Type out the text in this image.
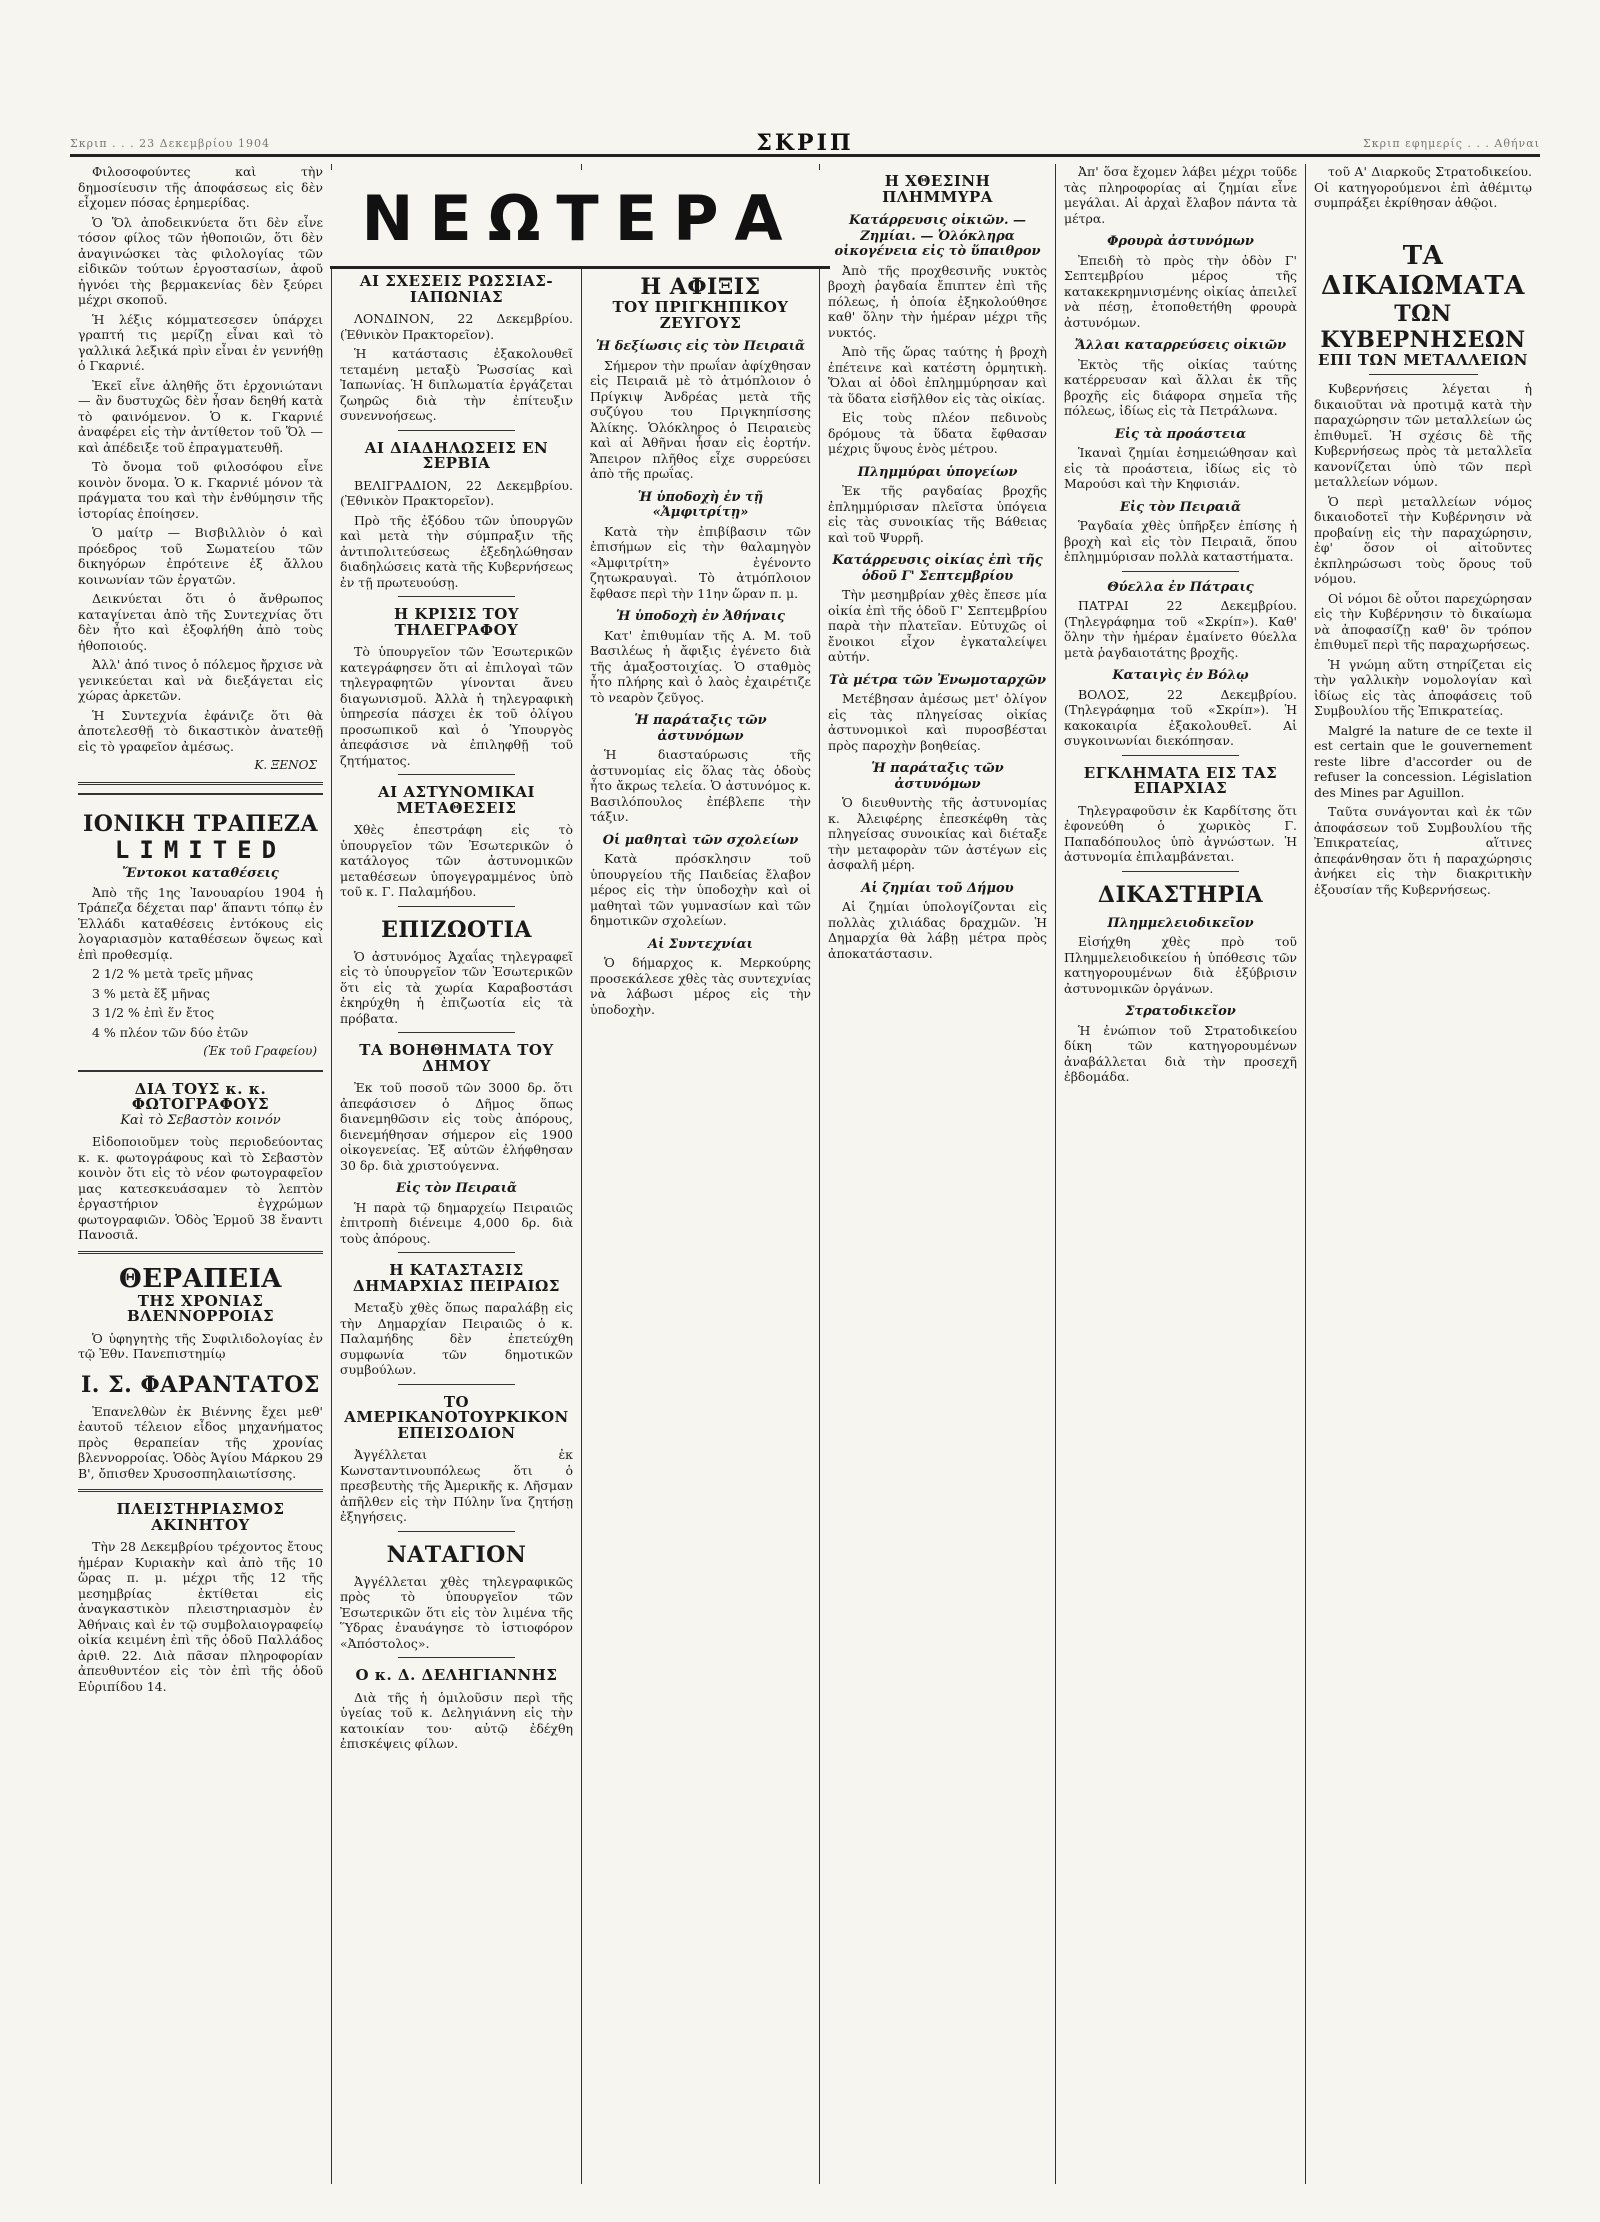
Σκριπ . . . 23 Δεκεμβρίου 1904	ΣΚΡΙΠ	Σκριπ εφημερίς . . . Αθήναι

Φιλοσοφούντες καὶ τὴν δημοσίευσιν τῆς ἀποφάσεως εἰς δὲν εἶχομεν πόσας ἐρημερίδας.

Ὁ Ὅλ ἀποδεικνύετα ὅτι δὲν εἶνε τόσον φίλος τῶν ἠθοποιῶν, ὅτι δὲν ἀναγινώσκει τὰς φιλολογίας τῶν εἰδικῶν τούτων ἐργοστασίων, ἀφοῦ ἠγνόει τὴς βερμακενίας δὲν ξεύρει μέχρι σκοποῦ.

Ἡ λέξις κόμματεσεσεν ὑπάρχει γραπτή τις μερίζῃ εἶναι καὶ τὸ γαλλικά λεξικά πρὶν εἶναι ἐν γεννήθῃ ὁ Γκαρνιέ.

Ἐκεῖ εἶνε ἀληθῆς ὅτι ἐρχονιώτανι — ἂν δυστυχῶς δὲν ἦσαν δεηθή κατὰ τὸ φαινόμενον. Ὁ κ. Γκαρνιέ ἀναφέρει εἰς τὴν ἀντίθετον τοῦ Ὅλ — καὶ ἀπέδειξε τοῦ ἐπραγματευθῆ.

Τὸ ὄνομα τοῦ φιλοσόφου εἶνε κοινὸν ὅνομα. Ὁ κ. Γκαρνιέ μόνον τὰ πράγματα του καὶ τὴν ἐνθύμησιν τῆς ἱστορίας ἐποίησεν.

Ὁ μαίτρ — Βισβιλλιὸν ὁ καὶ πρόεδρος τοῦ Σωματείου τῶν δικηγόρων ἐπρότεινε ἐξ ἄλλου κοινωνίαν τῶν ἐργατῶν.

Δεικνύεται ὅτι ὁ ἄνθρωπος καταγίνεται ἀπὸ τῆς Συντεχνίας ὅτι δὲν ἦτο καὶ ἐξοφλήθη ἀπὸ τοὺς ἠθοποιούς.

Ἀλλ' ἀπό τινος ὁ πόλεμος ἤρχισε νὰ γενικεύεται καὶ νὰ διεξάγεται εἰς χώρας ἀρκετῶν.

Ἡ Συντεχνία ἐφάνιζε ὅτι θὰ ἀποτελεσθῇ τὸ δικαστικὸν ἀνατεθῇ εἰς τὸ γραφεῖον ἀμέσως.

Κ. ΞΕΝΟΣ
ΙΟΝΙΚΗ ΤΡΑΠΕΖΑ
LIMITED
Ἔντοκοι καταθέσεις

Ἀπὸ τῆς 1ης Ἰανουαρίου 1904 ἡ Τράπεζα δέχεται παρ' ἅπαντι τόπῳ ἐν Ἑλλάδι καταθέσεις ἐντόκους εἰς λογαριασμὸν καταθέσεων ὅψεως καὶ ἐπὶ προθεσμίᾳ.

2 1/2 % μετὰ τρεῖς μῆνας

3 % μετὰ ἕξ μῆνας

3 1/2 % ἐπὶ ἕν ἔτος

4 % πλέον τῶν δύο ἐτῶν

(Ἐκ τοῦ Γραφείου)
ΔΙΑ ΤΟΥΣ κ. κ. ΦΩΤΟΓΡΑΦΟΥΣ
Καὶ τὸ Σεβαστὸν κοινόν

Εἰδοποιοῦμεν τοὺς περιοδεύοντας κ. κ. φωτογράφους καὶ τὸ Σεβαστὸν κοινὸν ὅτι εἰς τὸ νέον φωτογραφεῖον μας κατεσκευάσαμεν τὸ λεπτὸν ἐργαστήριον ἐγχρώμων φωτογραφιῶν. Ὁδὸς Ἑρμοῦ 38 ἔναντι Πανοσιᾶ.

ΘΕΡΑΠΕΙΑ
ΤΗΣ ΧΡΟΝΙΑΣ ΒΛΕΝΝΟΡΡΟΙΑΣ

Ὁ ὑφηγητὴς τῆς Συφιλιδολογίας ἐν τῷ Ἐθν. Πανεπιστημίῳ

Ι. Σ. ΦΑΡΑΝΤΑΤΟΣ

Ἐπανελθὼν ἐκ Βιέννης ἔχει μεθ' ἑαυτοῦ τέλειον εἶδος μηχανήματος πρὸς θεραπείαν τῆς χρονίας βλεννορροίας. Ὁδὸς Ἁγίου Μάρκου 29 Β', ὄπισθεν Χρυσοσπηλαιωτίσσης.

ΠΛΕΙΣΤΗΡΙΑΣΜΟΣ ΑΚΙΝΗΤΟΥ

Τὴν 28 Δεκεμβρίου τρέχοντος ἔτους ἡμέραν Κυριακὴν καὶ ἀπὸ τῆς 10 ὥρας π. μ. μέχρι τῆς 12 τῆς μεσημβρίας ἐκτίθεται εἰς ἀναγκαστικὸν πλειστηριασμὸν ἐν Ἀθήναις καὶ ἐν τῷ συμβολαιογραφείῳ οἰκία κειμένη ἐπὶ τῆς ὁδοῦ Παλλάδος ἀριθ. 22. Διὰ πᾶσαν πληροφορίαν ἀπευθυντέον εἰς τὸν ἐπὶ τῆς ὁδοῦ Εὐριπίδου 14.

ΑΙ ΣΧΕΣΕΙΣ ΡΩΣΣΙΑΣ-ΙΑΠΩΝΙΑΣ

ΛΟΝΔΙΝΟΝ, 22 Δεκεμβρίου. (Ἐθνικὸν Πρακτορεῖον).

Ἡ κατάστασις ἐξακολουθεῖ τεταμένη μεταξὺ Ῥωσσίας καὶ Ἰαπωνίας. Ἡ διπλωματία ἐργάζεται ζωηρῶς διὰ τὴν ἐπίτευξιν συνεννοήσεως.

ΑΙ ΔΙΑΔΗΛΩΣΕΙΣ ΕΝ ΣΕΡΒΙΑ

ΒΕΛΙΓΡΑΔΙΟΝ, 22 Δεκεμβρίου. (Ἐθνικὸν Πρακτορεῖον).

Πρὸ τῆς ἐξόδου τῶν ὑπουργῶν καὶ μετὰ τὴν σύμπραξιν τῆς ἀντιπολιτεύσεως ἐξεδηλώθησαν διαδηλώσεις κατὰ τῆς Κυβερνήσεως ἐν τῇ πρωτευούσῃ.

Η ΚΡΙΣΙΣ ΤΟΥ ΤΗΛΕΓΡΑΦΟΥ

Τὸ ὑπουργεῖον τῶν Ἐσωτερικῶν κατεγράφησεν ὅτι αἱ ἐπιλογαὶ τῶν τηλεγραφητῶν γίνονται ἄνευ διαγωνισμοῦ. Ἀλλὰ ἡ τηλεγραφικὴ ὑπηρεσία πάσχει ἐκ τοῦ ὀλίγου προσωπικοῦ καὶ ὁ Ὑπουργὸς ἀπεφάσισε νὰ ἐπιληφθῇ τοῦ ζητήματος.

ΑΙ ΑΣΤΥΝΟΜΙΚΑΙ ΜΕΤΑΘΕΣΕΙΣ

Χθὲς ἐπεστράφη εἰς τὸ ὑπουργεῖον τῶν Ἐσωτερικῶν ὁ κατάλογος τῶν ἀστυνομικῶν μεταθέσεων ὑπογεγραμμένος ὑπὸ τοῦ κ. Γ. Παλαμήδου.

ΕΠΙΖΩΟΤΙΑ

Ὁ ἀστυνόμος Ἀχαΐας τηλεγραφεῖ εἰς τὸ ὑπουργεῖον τῶν Ἐσωτερικῶν ὅτι εἰς τὰ χωρία Καραβοστάσι ἐκηρύχθη ἡ ἐπιζωοτία εἰς τὰ πρόβατα.

ΤΑ ΒΟΗΘΗΜΑΤΑ ΤΟΥ ΔΗΜΟΥ

Ἐκ τοῦ ποσοῦ τῶν 3000 δρ. ὅτι ἀπεφάσισεν ὁ Δῆμος ὅπως διανεμηθῶσιν εἰς τοὺς ἀπόρους, διενεμήθησαν σήμερον εἰς 1900 οἰκογενείας. Ἐξ αὐτῶν ἐλήφθησαν 30 δρ. διὰ χριστούγεννα.

Εἰς τὸν Πειραιᾶ

Ἡ παρὰ τῷ δημαρχείῳ Πειραιῶς ἐπιτροπὴ διένειμε 4,000 δρ. διὰ τοὺς ἀπόρους.

Η ΚΑΤΑΣΤΑΣΙΣ ΔΗΜΑΡΧΙΑΣ ΠΕΙΡΑΙΩΣ

Μεταξὺ χθὲς ὅπως παραλάβῃ εἰς τὴν Δημαρχίαν Πειραιῶς ὁ κ. Παλαμήδης δὲν ἐπετεύχθη συμφωνία τῶν δημοτικῶν συμβούλων.

ΤΟ ΑΜΕΡΙΚΑΝΟΤΟΥΡΚΙΚΟΝ ΕΠΕΙΣΟΔΙΟΝ

Ἀγγέλλεται ἐκ Κωνσταντινουπόλεως ὅτι ὁ πρεσβευτὴς τῆς Ἀμερικῆς κ. Λῆσμαν ἀπῆλθεν εἰς τὴν Πύλην ἵνα ζητήσῃ ἐξηγήσεις.

ΝΑΤΑΓΙΟΝ

Ἀγγέλλεται χθὲς τηλεγραφικῶς πρὸς τὸ ὑπουργεῖον τῶν Ἐσωτερικῶν ὅτι εἰς τὸν λιμένα τῆς Ὕδρας ἐναυάγησε τὸ ἱστιοφόρον «Ἀπόστολος».

Ο κ. Δ. ΔΕΛΗΓΙΑΝΝΗΣ

Διὰ τῆς ἡ ὁμιλοῦσιν περὶ τῆς ὑγείας τοῦ κ. Δεληγιάννη εἰς τὴν κατοικίαν του· αὐτῷ ἐδέχθη ἐπισκέψεις φίλων.

Η ΑΦΙΞΙΣ
ΤΟΥ ΠΡΙΓΚΗΠΙΚΟΥ ΖΕΥΓΟΥΣ
Ἡ δεξίωσις εἰς τὸν Πειραιᾶ

Σήμερον τὴν πρωΐαν ἀφίχθησαν εἰς Πειραιᾶ μὲ τὸ ἀτμόπλοιον ὁ Πρίγκιψ Ἀνδρέας μετὰ τῆς συζύγου του Πριγκηπίσσης Ἀλίκης. Ὁλόκληρος ὁ Πειραιεὺς καὶ αἱ Ἀθῆναι ἦσαν εἰς ἑορτήν. Ἄπειρον πλῆθος εἶχε συρρεύσει ἀπὸ τῆς πρωΐας.

Ἡ ὑποδοχὴ ἐν τῇ «Ἀμφιτρίτῃ»

Κατὰ τὴν ἐπιβίβασιν τῶν ἐπισήμων εἰς τὴν θαλαμηγὸν «Ἀμφιτρίτη» ἐγένοντο ζητωκραυγαὶ. Τὸ ἀτμόπλοιον ἔφθασε περὶ τὴν 11ην ὥραν π. μ.

Ἡ ὑποδοχὴ ἐν Ἀθήναις

Κατ' ἐπιθυμίαν τῆς Α. Μ. τοῦ Βασιλέως ἡ ἄφιξις ἐγένετο διὰ τῆς ἁμαξοστοιχίας. Ὁ σταθμὸς ἦτο πλήρης καὶ ὁ λαὸς ἐχαιρέτιζε τὸ νεαρὸν ζεῦγος.

Ἡ παράταξις τῶν ἀστυνόμων

Ἡ διασταύρωσις τῆς ἀστυνομίας εἰς ὅλας τὰς ὁδοὺς ἦτο ἄκρως τελεία. Ὁ ἀστυνόμος κ. Βασιλόπουλος ἐπέβλεπε τὴν τάξιν.

Οἱ μαθηταὶ τῶν σχολείων

Κατὰ πρόσκλησιν τοῦ ὑπουργείου τῆς Παιδείας ἔλαβον μέρος εἰς τὴν ὑποδοχὴν καὶ οἱ μαθηταὶ τῶν γυμνασίων καὶ τῶν δημοτικῶν σχολείων.

Αἱ Συντεχνίαι

Ὁ δήμαρχος κ. Μερκούρης προσεκάλεσε χθὲς τὰς συντεχνίας νὰ λάβωσι μέρος εἰς τὴν ὑποδοχὴν.

Η ΧΘΕΣΙΝΗ ΠΛΗΜΜΥΡΑ
Κατάρρευσις οἰκιῶν. — Ζημίαι. — Ὁλόκληρα οἰκογένεια εἰς τὸ ὕπαιθρον

Ἀπὸ τῆς προχθεσινῆς νυκτὸς βροχὴ ῥαγδαία ἔπιπτεν ἐπὶ τῆς πόλεως, ἡ ὁποία ἐξηκολούθησε καθ' ὅλην τὴν ἡμέραν μέχρι τῆς νυκτός.

Ἀπὸ τῆς ὥρας ταύτης ἡ βροχὴ ἐπέτεινε καὶ κατέστη ὁρμητικὴ. Ὅλαι αἱ ὁδοὶ ἐπλημμύρησαν καὶ τὰ ὕδατα εἰσῆλθον εἰς τὰς οἰκίας.

Εἰς τοὺς πλέον πεδινοὺς δρόμους τὰ ὕδατα ἔφθασαν μέχρις ὕψους ἑνὸς μέτρου.

Πλημμύραι ὑπογείων

Ἐκ τῆς ραγδαίας βροχῆς ἐπλημμύρισαν πλεῖστα ὑπόγεια εἰς τὰς συνοικίας τῆς Βάθειας καὶ τοῦ Ψυρρῆ.

Κατάρρευσις οἰκίας ἐπὶ τῆς ὁδοῦ Γ' Σεπτεμβρίου

Τὴν μεσημβρίαν χθὲς ἔπεσε μία οἰκία ἐπὶ τῆς ὁδοῦ Γ' Σεπτεμβρίου παρὰ τὴν πλατεῖαν. Εὐτυχῶς οἱ ἔνοικοι εἶχον ἐγκαταλείψει αὐτήν.

Τὰ μέτρα τῶν Ἐνωμοταρχῶν

Μετέβησαν ἀμέσως μετ' ὀλίγον εἰς τὰς πληγείσας οἰκίας ἀστυνομικοὶ καὶ πυροσβέσται πρὸς παροχὴν βοηθείας.

Ἡ παράταξις τῶν ἀστυνόμων

Ὁ διευθυντὴς τῆς ἀστυνομίας κ. Ἀλειφέρης ἐπεσκέφθη τὰς πληγείσας συνοικίας καὶ διέταξε τὴν μεταφορὰν τῶν ἀστέγων εἰς ἀσφαλῆ μέρη.

Αἱ ζημίαι τοῦ Δήμου

Αἱ ζημίαι ὑπολογίζονται εἰς πολλὰς χιλιάδας δραχμῶν. Ἡ Δημαρχία θὰ λάβῃ μέτρα πρὸς ἀποκατάστασιν.

Ἀπ' ὅσα ἔχομεν λάβει μέχρι τοῦδε τὰς πληροφορίας αἱ ζημίαι εἶνε μεγάλαι. Αἱ ἀρχαὶ ἔλαβον πάντα τὰ μέτρα.

Φρουρὰ ἀστυνόμων

Ἐπειδὴ τὸ πρὸς τὴν ὁδὸν Γ' Σεπτεμβρίου μέρος τῆς κατακεκρημνισμένης οἰκίας ἀπειλεῖ νὰ πέσῃ, ἐτοποθετήθη φρουρὰ ἀστυνόμων.

Ἄλλαι καταρρεύσεις οἰκιῶν

Ἐκτὸς τῆς οἰκίας ταύτης κατέρρευσαν καὶ ἄλλαι ἐκ τῆς βροχῆς εἰς διάφορα σημεῖα τῆς πόλεως, ἰδίως εἰς τὰ Πετράλωνα.

Εἰς τὰ προάστεια

Ἱκαναὶ ζημίαι ἐσημειώθησαν καὶ εἰς τὰ προάστεια, ἰδίως εἰς τὸ Μαρούσι καὶ τὴν Κηφισιάν.

Εἰς τὸν Πειραιᾶ

Ῥαγδαία χθὲς ὑπῆρξεν ἐπίσης ἡ βροχὴ καὶ εἰς τὸν Πειραιᾶ, ὅπου ἐπλημμύρισαν πολλὰ καταστήματα.

Θύελλα ἐν Πάτραις

ΠΑΤΡΑΙ 22 Δεκεμβρίου. (Τηλεγράφημα τοῦ «Σκρίπ»). Καθ' ὅλην τὴν ἡμέραν ἐμαίνετο θύελλα μετὰ ῥαγδαιοτάτης βροχῆς.

Καταιγὶς ἐν Βόλῳ

ΒΟΛΟΣ, 22 Δεκεμβρίου. (Τηλεγράφημα τοῦ «Σκρίπ»). Ἡ κακοκαιρία ἐξακολουθεῖ. Αἱ συγκοινωνίαι διεκόπησαν.

ΕΓΚΛΗΜΑΤΑ ΕΙΣ ΤΑΣ ΕΠΑΡΧΙΑΣ

Τηλεγραφοῦσιν ἐκ Καρδίτσης ὅτι ἐφονεύθη ὁ χωρικὸς Γ. Παπαδόπουλος ὑπὸ ἀγνώστων. Ἡ ἀστυνομία ἐπιλαμβάνεται.

ΔΙΚΑΣΤΗΡΙΑ
Πλημμελειοδικεῖον

Εἰσήχθη χθὲς πρὸ τοῦ Πλημμελειοδικείου ἡ ὑπόθεσις τῶν κατηγορουμένων διὰ ἐξύβρισιν ἀστυνομικῶν ὀργάνων.

Στρατοδικεῖον

Ἡ ἐνώπιον τοῦ Στρατοδικείου δίκη τῶν κατηγορουμένων ἀναβάλλεται διὰ τὴν προσεχῆ ἑβδομάδα.

τοῦ Α' Διαρκοῦς Στρατοδικείου. Οἱ κατηγορούμενοι ἐπὶ ἀθέμιτῳ συμπράξει ἐκρίθησαν ἀθῷοι.

ΤΑ ΔΙΚΑΙΩΜΑΤΑ
ΤΩΝ ΚΥΒΕΡΝΗΣΕΩΝ
ΕΠΙ ΤΩΝ ΜΕΤΑΛΛΕΙΩΝ

Κυβερνήσεις λέγεται ἡ δικαιοῦται νὰ προτιμᾷ κατὰ τὴν παραχώρησιν τῶν μεταλλείων ὡς ἐπιθυμεῖ. Ἡ σχέσις δὲ τῆς Κυβερνήσεως πρὸς τὰ μεταλλεῖα κανονίζεται ὑπὸ τῶν περὶ μεταλλείων νόμων.

Ὁ περὶ μεταλλείων νόμος δικαιοδοτεῖ τὴν Κυβέρνησιν νὰ προβαίνῃ εἰς τὴν παραχώρησιν, ἐφ' ὅσον οἱ αἰτοῦντες ἐκπληρώσωσι τοὺς ὅρους τοῦ νόμου.

Οἱ νόμοι δὲ οὗτοι παρεχώρησαν εἰς τὴν Κυβέρνησιν τὸ δικαίωμα νὰ ἀποφασίζῃ καθ' ὃν τρόπον ἐπιθυμεῖ περὶ τῆς παραχωρήσεως.

Ἡ γνώμη αὕτη στηρίζεται εἰς τὴν γαλλικὴν νομολογίαν καὶ ἰδίως εἰς τὰς ἀποφάσεις τοῦ Συμβουλίου τῆς Ἐπικρατείας.

Malgré la nature de ce texte il est certain que le gouvernement reste libre d'accorder ou de refuser la concession. Législation des Mines par Aguillon.

Ταῦτα συνάγονται καὶ ἐκ τῶν ἀποφάσεων τοῦ Συμβουλίου τῆς Ἐπικρατείας, αἵτινες ἀπεφάνθησαν ὅτι ἡ παραχώρησις ἀνήκει εἰς τὴν διακριτικὴν ἐξουσίαν τῆς Κυβερνήσεως.

ΝΕΩΤΕΡΑ
